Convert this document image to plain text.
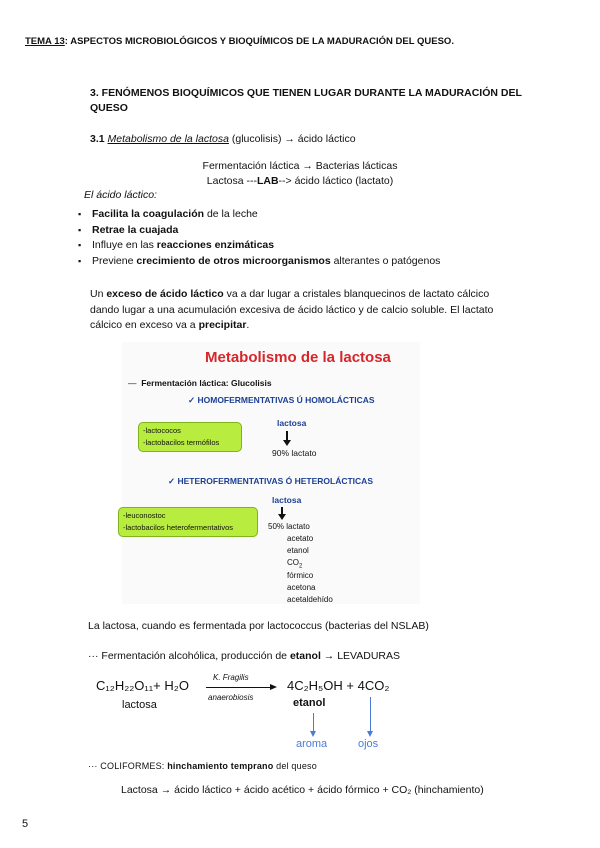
TEMA 13: ASPECTOS MICROBIOLÓGICOS Y BIOQUÍMICOS DE LA MADURACIÓN DEL QUESO.
3. FENÓMENOS BIOQUÍMICOS QUE TIENEN LUGAR DURANTE LA MADURACIÓN DEL QUESO
3.1 Metabolismo de la lactosa (glucolisis) → ácido láctico
Fermentación láctica → Bacterias lácticas
Lactosa ---LAB--> ácido láctico (lactato)
El ácido láctico:
▪ Facilita la coagulación de la leche
▪ Retrae la cuajada
▪ Influye en las reacciones enzimáticas
▪ Previene crecimiento de otros microorganismos alterantes o patógenos
Un exceso de ácido láctico va a dar lugar a cristales blanquecinos de lactato cálcico dando lugar a una acumulación excesiva de ácido láctico y de calcio soluble. El lactato cálcico en exceso va a precipitar.
Metabolismo de la lactosa
— Fermentación láctica: Glucolisis
✓ HOMOFERMENTATIVAS Ú HOMOLÁCTICAS
-lactococos
-lactobacilos termófilos
lactosa
90% lactato
✓ HETEROFERMENTATIVAS Ó HETEROLÁCTICAS
-leuconostoc
-lactobacilos heterofermentativos
lactosa
50% lactato
acetato
etanol
$CO_2$
fórmico
acetona
acetaldehído
La lactosa, cuando es fermentada por lactococcus (bacterias del NSLAB)
··· Fermentación alcohólica, producción de etanol → LEVADURAS
C₁₂H₂₂O₁₁+ H₂O
lactosa
K. Fragilis
anaerobiosis
4C₂H₅OH + 4CO₂
etanol
aroma	ojos
··· COLIFORMES: hinchamiento temprano del queso
Lactosa → ácido láctico + ácido acético + ácido fórmico + CO₂ (hinchamiento)
5
